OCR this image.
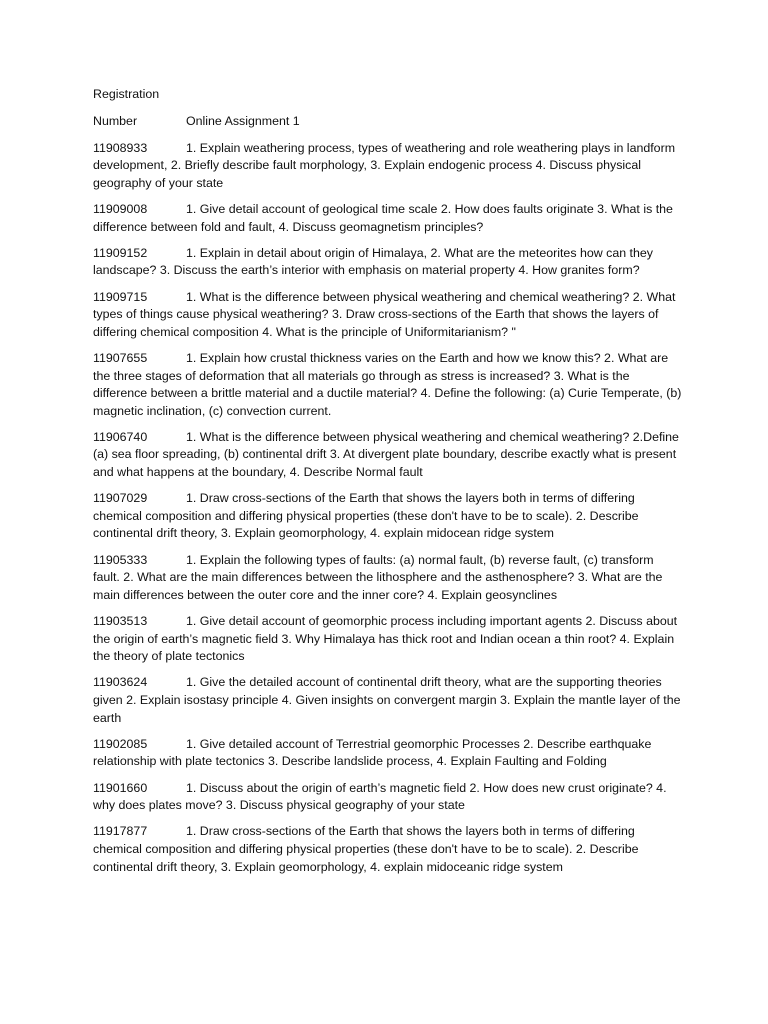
Registration

Number	Online Assignment 1

11908933	1. Explain weathering process, types of weathering and role weathering plays in landform development, 2. Briefly describe fault morphology, 3. Explain endogenic process 4. Discuss physical geography of your state

11909008	1. Give detail account of geological time scale 2. How does faults originate 3. What is the difference between fold and fault, 4. Discuss geomagnetism principles?

11909152	1. Explain in detail about origin of Himalaya, 2. What are the meteorites how can they landscape? 3. Discuss the earth’s interior with emphasis on material property 4. How granites form?

11909715	1. What is the difference between physical weathering and chemical weathering? 2. What types of things cause physical weathering? 3. Draw cross-sections of the Earth that shows the layers of differing chemical composition 4. What is the principle of Uniformitarianism? "

11907655	1. Explain how crustal thickness varies on the Earth and how we know this? 2. What are the three stages of deformation that all materials go through as stress is increased? 3. What is the difference between a brittle material and a ductile material? 4. Define the following: (a) Curie Temperate, (b) magnetic inclination, (c) convection current.

11906740	1. What is the difference between physical weathering and chemical weathering? 2.Define (a) sea floor spreading, (b) continental drift 3. At divergent plate boundary, describe exactly what is present and what happens at the boundary, 4. Describe Normal fault

11907029	1. Draw cross-sections of the Earth that shows the layers both in terms of differing chemical composition and differing physical properties (these don't have to be to scale). 2. Describe continental drift theory, 3. Explain geomorphology, 4. explain midocean ridge system

11905333	1. Explain the following types of faults: (a) normal fault, (b) reverse fault, (c) transform fault. 2. What are the main differences between the lithosphere and the asthenosphere? 3. What are the main differences between the outer core and the inner core? 4. Explain geosynclines

11903513	1. Give detail account of geomorphic process including important agents 2. Discuss about the origin of earth’s magnetic field 3. Why Himalaya has thick root and Indian ocean a thin root? 4. Explain the theory of plate tectonics

11903624	1. Give the detailed account of continental drift theory, what are the supporting theories given 2. Explain isostasy principle 4. Given insights on convergent margin 3. Explain the mantle layer of the earth

11902085	1. Give detailed account of Terrestrial geomorphic Processes 2. Describe earthquake relationship with plate tectonics 3. Describe landslide process, 4. Explain Faulting and Folding

11901660	1. Discuss about the origin of earth’s magnetic field 2. How does new crust originate? 4. why does plates move? 3. Discuss physical geography of your state

11917877	1. Draw cross-sections of the Earth that shows the layers both in terms of differing chemical composition and differing physical properties (these don't have to be to scale). 2. Describe continental drift theory, 3. Explain geomorphology, 4. explain midoceanic ridge system
